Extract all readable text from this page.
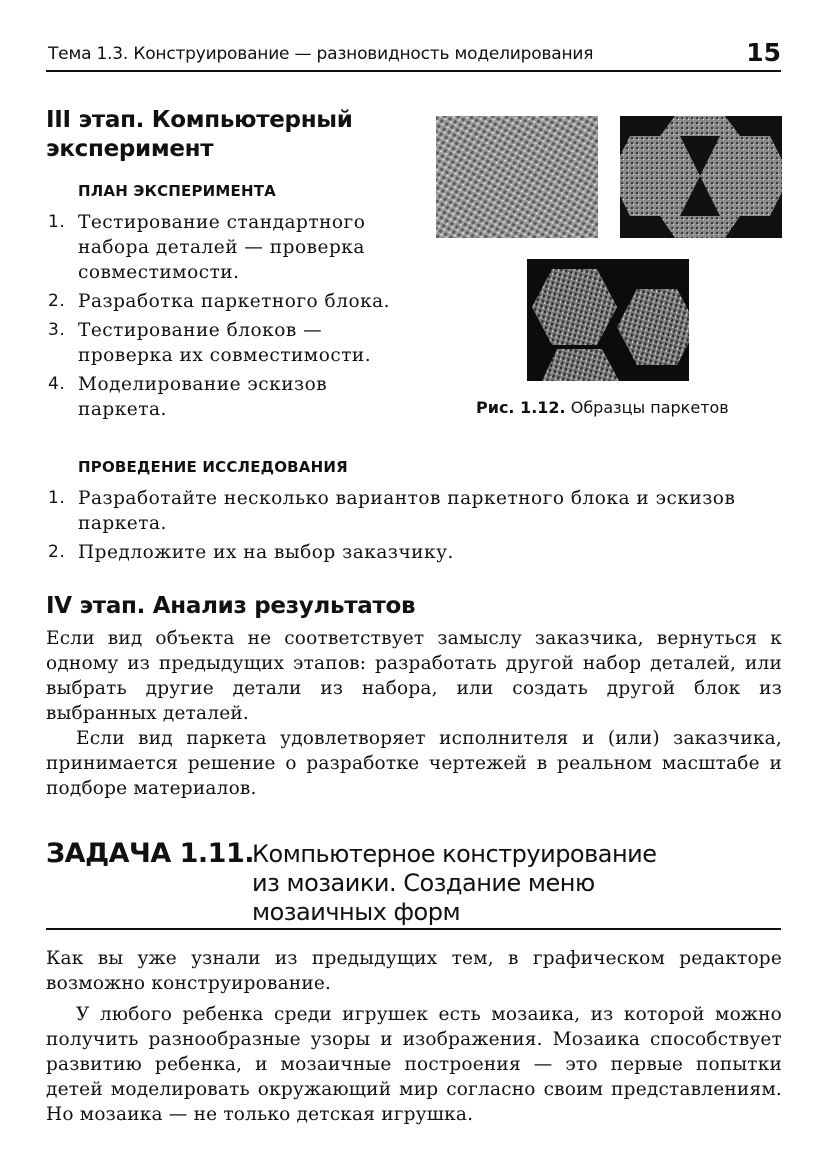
Тема 1.3. Конструирование — разновидность моделирования	15
III этап. Компьютерный
эксперимент
ПЛАН ЭКСПЕРИМЕНТА
1. Тестирование стандартного набора деталей — проверка совместимости.
2. Разработка паркетного блока.
3. Тестирование блоков — проверка их совместимости.
4. Моделирование эскизов паркета.	Рис. 1.12. Образцы паркетов
ПРОВЕДЕНИЕ ИССЛЕДОВАНИЯ
1. Разработайте несколько вариантов паркетного блока и эскизов паркета.
2. Предложите их на выбор заказчику.
IV этап. Анализ результатов

Если вид объекта не соответствует замыслу заказчика, вернуться к одному из предыдущих этапов: разработать другой набор деталей, или выбрать другие детали из набора, или создать другой блок из выбранных деталей.

Если вид паркета удовлетворяет исполнителя и (или) заказчика, принимается решение о разработке чертежей в реальном масштабе и подборе материалов.

ЗАДАЧА 1.11.
Компьютерное конструирование
из мозаики. Создание меню
мозаичных форм

Как вы уже узнали из предыдущих тем, в графическом редакторе возможно конструирование.

У любого ребенка среди игрушек есть мозаика, из которой можно получить разнообразные узоры и изображения. Мозаика способствует развитию ребенка, и мозаичные построения — это первые попытки детей моделировать окружающий мир согласно своим представлениям. Но мозаика — не только детская игрушка.
